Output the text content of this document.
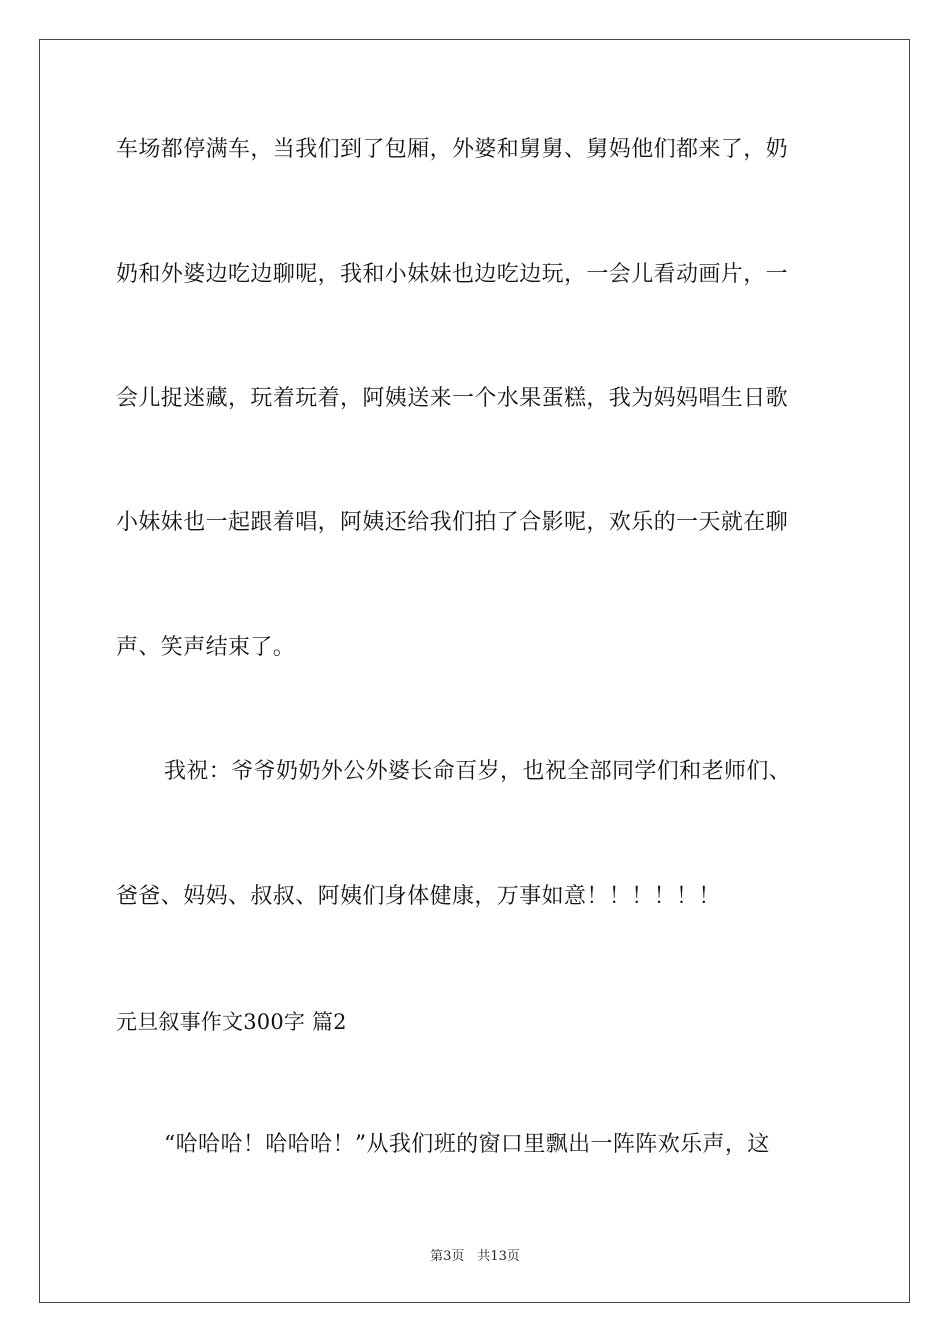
车场都停满车，当我们到了包厢，外婆和舅舅、舅妈他们都来了，奶
奶和外婆边吃边聊呢，我和小妹妹也边吃边玩，一会儿看动画片，一
会儿捉迷藏，玩着玩着，阿姨送来一个水果蛋糕，我为妈妈唱生日歌
小妹妹也一起跟着唱，阿姨还给我们拍了合影呢，欢乐的一天就在聊
声、笑声结束了。
我祝：爷爷奶奶外公外婆长命百岁，也祝全部同学们和老师们、
爸爸、妈妈、叔叔、阿姨们身体健康，万事如意！！！！！！
元旦叙事作文300字 篇2
“哈哈哈！哈哈哈！”从我们班的窗口里飘出一阵阵欢乐声，这
第3页　共13页
